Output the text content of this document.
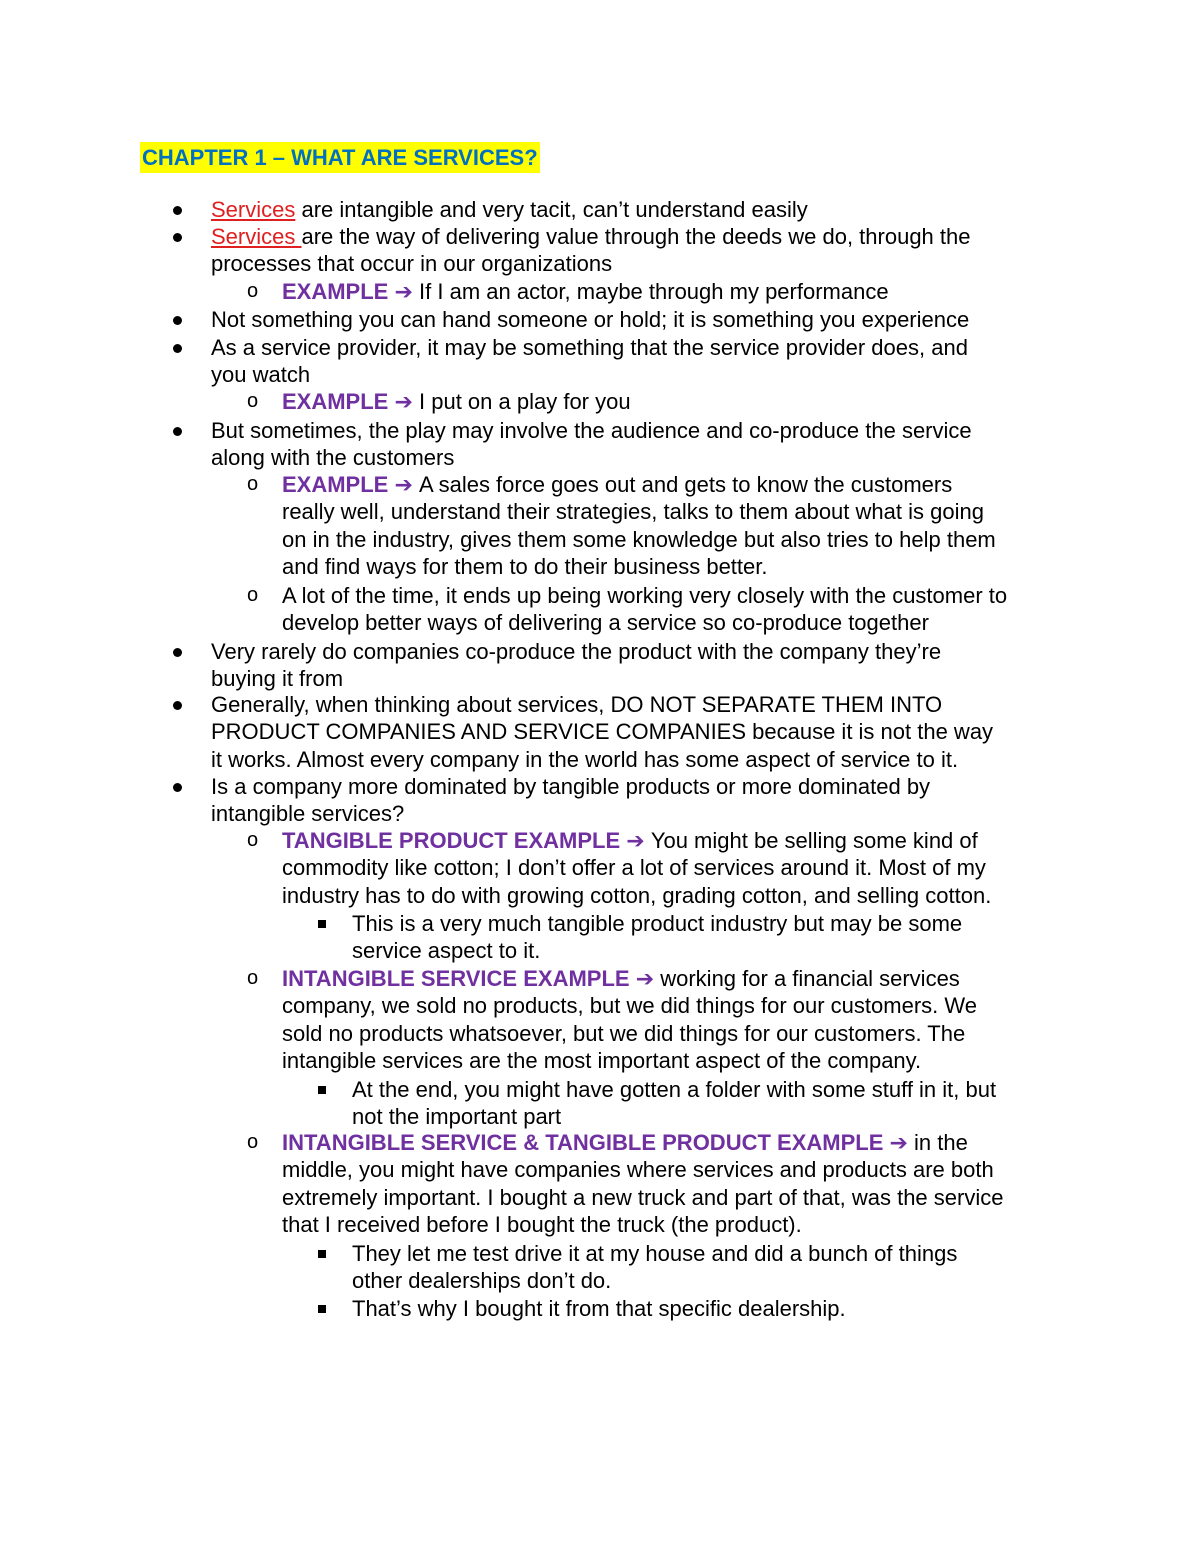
CHAPTER 1 – WHAT ARE SERVICES?
Services are intangible and very tacit, can’t understand easily
Services are the way of delivering value through the deeds we do, through the
processes that occur in our organizations
o EXAMPLE ➔ If I am an actor, maybe through my performance
Not something you can hand someone or hold; it is something you experience
As a service provider, it may be something that the service provider does, and
you watch
o EXAMPLE ➔ I put on a play for you
But sometimes, the play may involve the audience and co-produce the service
along with the customers
o EXAMPLE ➔ A sales force goes out and gets to know the customers
really well, understand their strategies, talks to them about what is going
on in the industry, gives them some knowledge but also tries to help them
and find ways for them to do their business better.
o A lot of the time, it ends up being working very closely with the customer to
develop better ways of delivering a service so co-produce together
Very rarely do companies co-produce the product with the company they’re
buying it from
Generally, when thinking about services, DO NOT SEPARATE THEM INTO
PRODUCT COMPANIES AND SERVICE COMPANIES because it is not the way
it works. Almost every company in the world has some aspect of service to it.
Is a company more dominated by tangible products or more dominated by
intangible services?
o TANGIBLE PRODUCT EXAMPLE ➔ You might be selling some kind of
commodity like cotton; I don’t offer a lot of services around it. Most of my
industry has to do with growing cotton, grading cotton, and selling cotton.
This is a very much tangible product industry but may be some
service aspect to it.
o INTANGIBLE SERVICE EXAMPLE ➔ working for a financial services
company, we sold no products, but we did things for our customers. We
sold no products whatsoever, but we did things for our customers. The
intangible services are the most important aspect of the company.
At the end, you might have gotten a folder with some stuff in it, but
not the important part
o INTANGIBLE SERVICE & TANGIBLE PRODUCT EXAMPLE ➔ in the
middle, you might have companies where services and products are both
extremely important. I bought a new truck and part of that, was the service
that I received before I bought the truck (the product).
They let me test drive it at my house and did a bunch of things
other dealerships don’t do.
That’s why I bought it from that specific dealership.
